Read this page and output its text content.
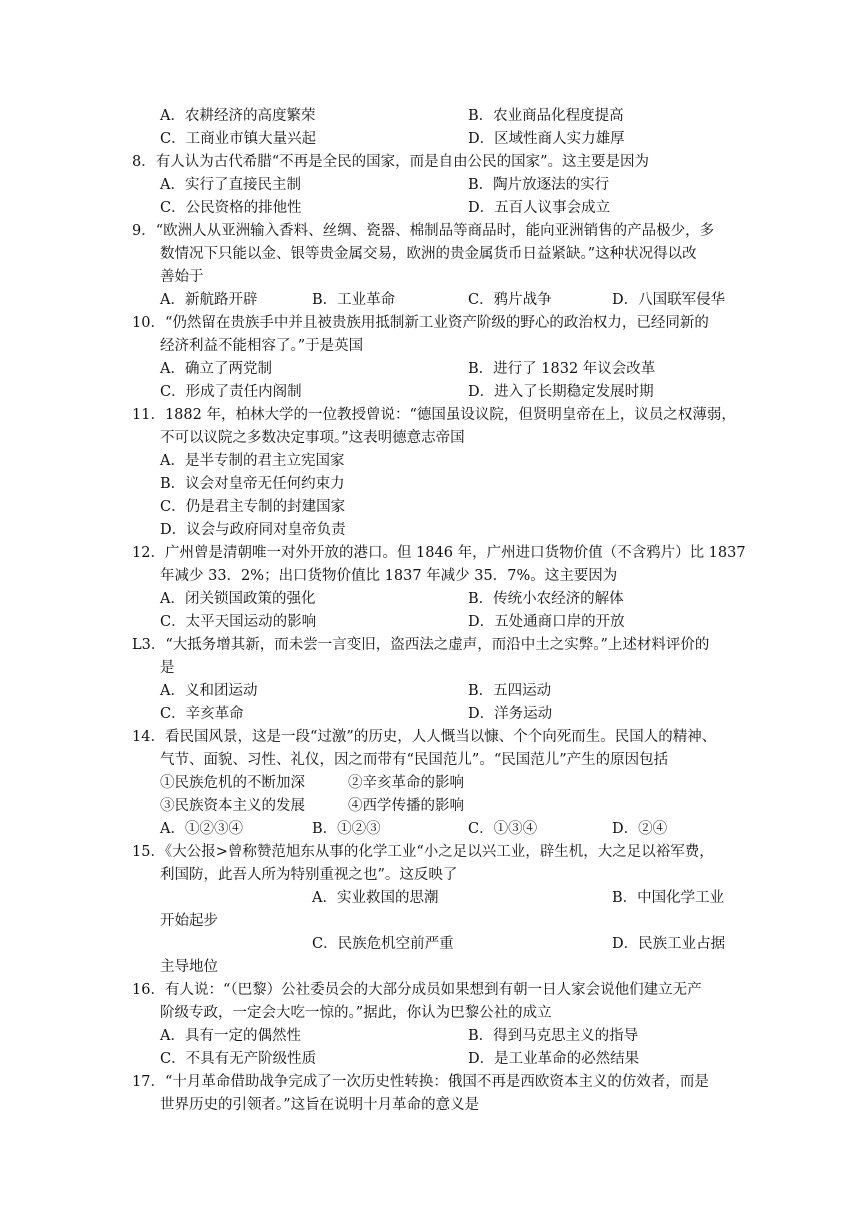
A．农耕经济的高度繁荣	B．农业商品化程度提高
C．工商业市镇大量兴起	D．区域性商人实力雄厚
8．有人认为古代希腊“不再是全民的国家，而是自由公民的国家”。这主要是因为
A．实行了直接民主制	B．陶片放逐法的实行
C．公民资格的排他性	D．五百人议事会成立
9．“欧洲人从亚洲输入香料、丝绸、瓷器、棉制品等商品时，能向亚洲销售的产品极少，多
数情况下只能以金、银等贵金属交易，欧洲的贵金属货币日益紧缺。”这种状况得以改
善始于
A．新航路开辟	B．工业革命	C．鸦片战争	D．八国联军侵华
10．“仍然留在贵族手中并且被贵族用抵制新工业资产阶级的野心的政治权力，已经同新的
经济利益不能相容了。”于是英国
A．确立了两党制	B．进行了 1832 年议会改革
C．形成了责任内阁制	D．进入了长期稳定发展时期
11．1882 年，柏林大学的一位教授曾说：“德国虽设议院，但贤明皇帝在上，议员之权薄弱，
不可以议院之多数决定事项。”这表明德意志帝国
A．是半专制的君主立宪国家
B．议会对皇帝无任何约束力
C．仍是君主专制的封建国家
D．议会与政府同对皇帝负责
12．广州曾是清朝唯一对外开放的港口。但 1846 年，广州进口货物价值（不含鸦片）比 1837
年减少 33．2%；出口货物价值比 1837 年减少 35．7%。这主要因为
A．闭关锁国政策的强化	B．传统小农经济的解体
C．太平天国运动的影响	D．五处通商口岸的开放
L3．“大抵务增其新，而未尝一言变旧，盗西法之虚声，而沿中土之实弊。”上述材料评价的
是
A．义和团运动	B．五四运动
C．辛亥革命	D．洋务运动
14．看民国风景，这是一段“过激”的历史，人人慨当以慷、个个向死而生。民国人的精神、
气节、面貌、习性、礼仪，因之而带有“民国范儿”。“民国范儿”产生的原因包括
①民族危机的不断加深	②辛亥革命的影响
③民族资本主义的发展	④西学传播的影响
A．①②③④	B．①②③	C．①③④	D．②④
15．《大公报>曾称赞范旭东从事的化学工业“小之足以兴工业，辟生机，大之足以裕军费，
利国防，此吾人所为特别重视之也”。这反映了
A．实业救国的思潮	B．中国化学工业
开始起步
C．民族危机空前严重	D．民族工业占据
主导地位
16．有人说：“（巴黎）公社委员会的大部分成员如果想到有朝一日人家会说他们建立无产
阶级专政，一定会大吃一惊的。”据此，你认为巴黎公社的成立
A．具有一定的偶然性	B．得到马克思主义的指导
C．不具有无产阶级性质	D．是工业革命的必然结果
17．“十月革命借助战争完成了一次历史性转换：俄国不再是西欧资本主义的仿效者，而是
世界历史的引领者。”这旨在说明十月革命的意义是
